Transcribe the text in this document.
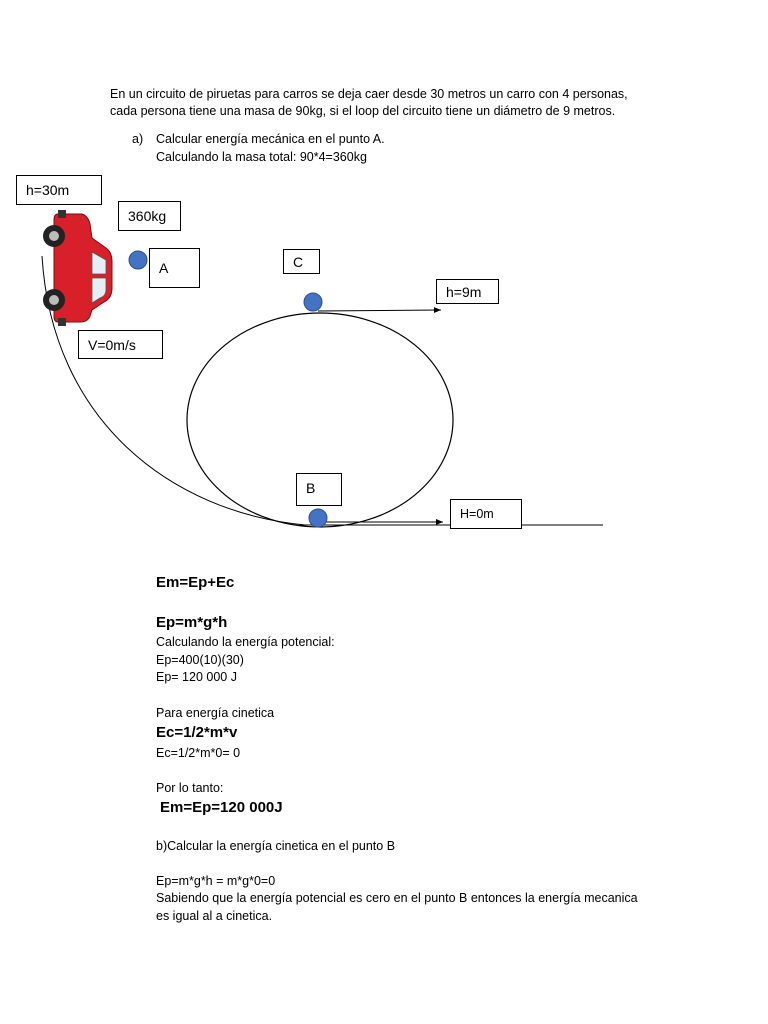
En un circuito de piruetas para carros se deja caer desde 30 metros un carro con 4 personas,
cada persona tiene una masa de 90kg, si el loop del circuito tiene un diámetro de 9 metros.
a) Calcular energía mecánica en el punto A.
Calculando la masa total: 90*4=360kg
h=30m
360kg
A	C
h=9m
V=0m/s
B
H=0m
Em=Ep+Ec
Ep=m*g*h
Calculando la energía potencial:
Ep=400(10)(30)
Ep= 120 000 J
Para energía cinetica
Ec=1/2*m*v
Ec=1/2*m*0= 0
Por lo tanto:
Em=Ep=120 000J
b)Calcular la energía cinetica en el punto B
Ep=m*g*h = m*g*0=0
Sabiendo que la energía potencial es cero en el punto B entonces la energía mecanica
es igual al a cinetica.
